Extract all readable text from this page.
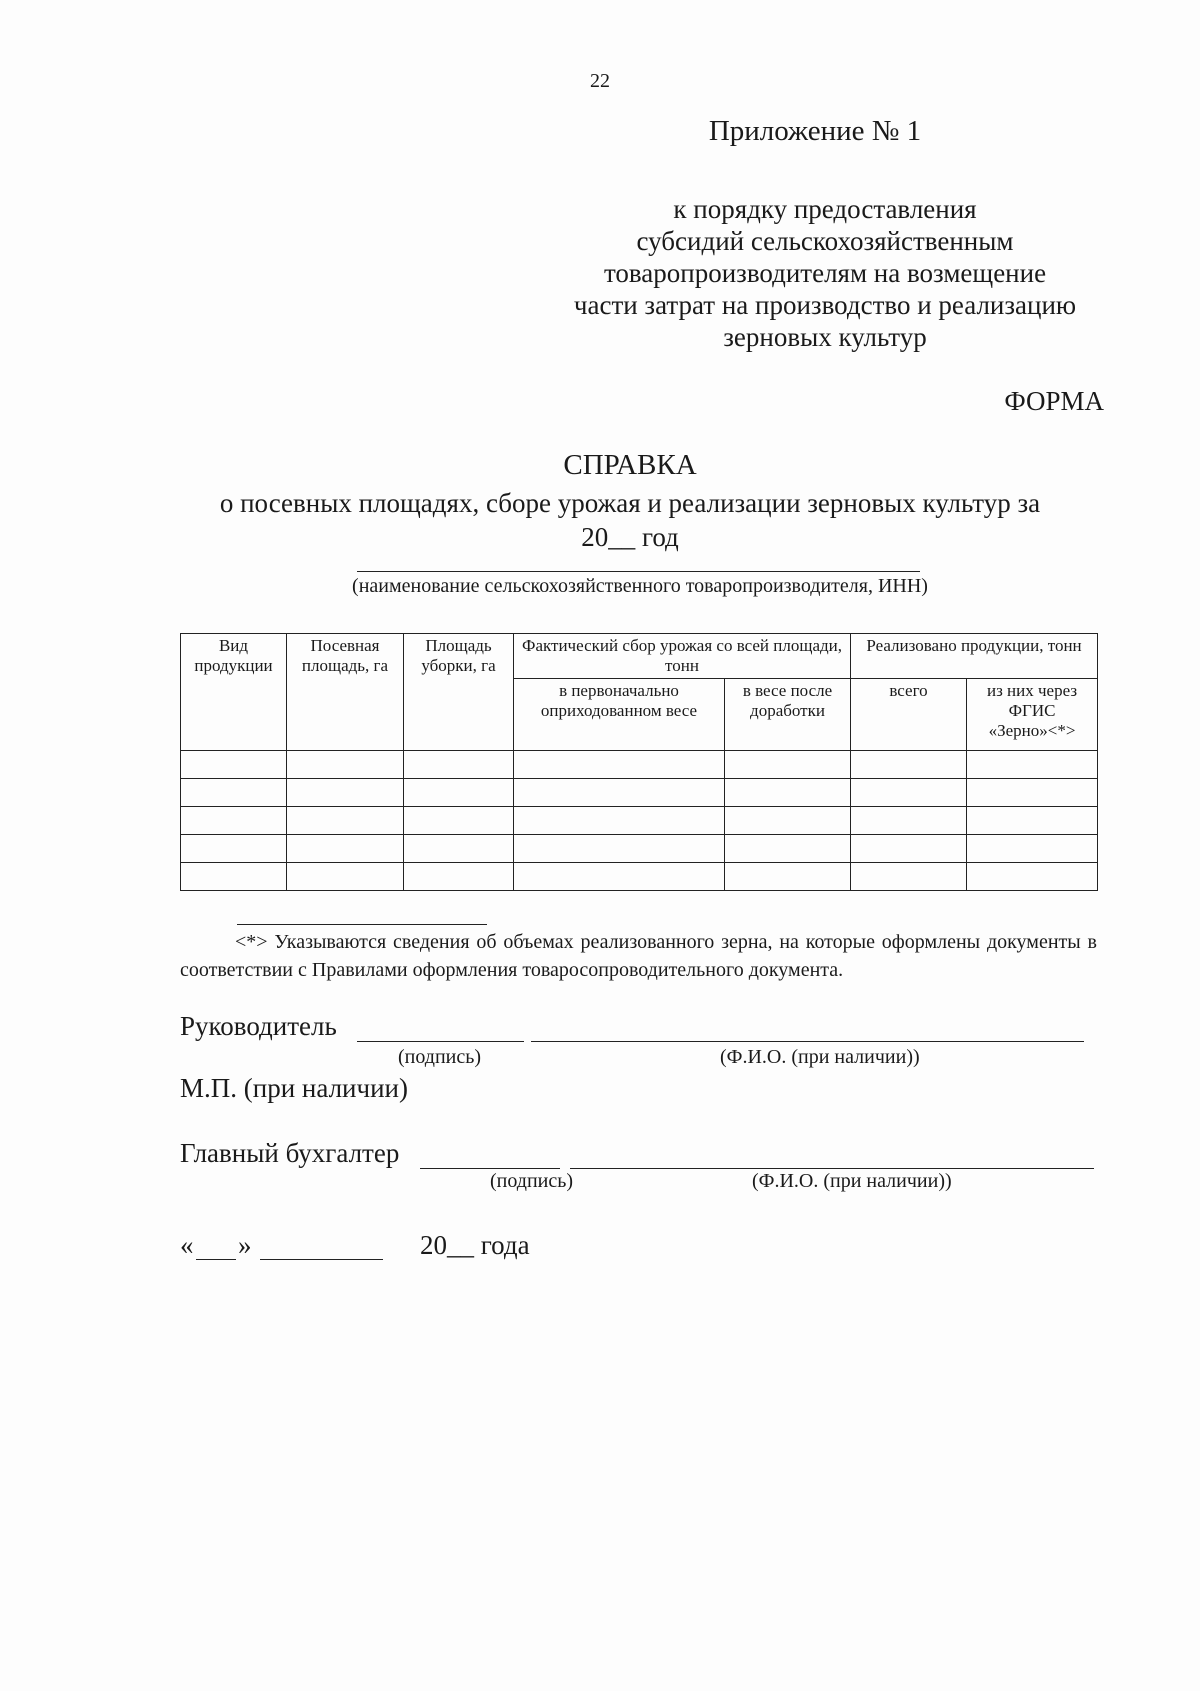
22
Приложение № 1
к порядку предоставления
субсидий сельскохозяйственным
товаропроизводителям на возмещение
части затрат на производство и реализацию
зерновых культур
ФОРМА
СПРАВКА
о посевных площадях, сборе урожая и реализации зерновых культур за
20__ год
(наименование сельскохозяйственного товаропроизводителя, ИНН)
Вид продукции	Посевная площадь, га	Площадь уборки, га	Фактический сбор урожая со всей площади, тонн		Реализовано продукции, тонн	
			в первоначально оприходованном весе	в весе после доработки	всего	из них через ФГИС «Зерно»<*>

<*> Указываются сведения об объемах реализованного зерна, на которые оформлены документы в соответствии с Правилами оформления товаросопроводительного документа.
Руководитель
(подпись)	(Ф.И.О. (при наличии))
М.П. (при наличии)
Главный бухгалтер
(подпись)	(Ф.И.О. (при наличии))
« »	20__ года
